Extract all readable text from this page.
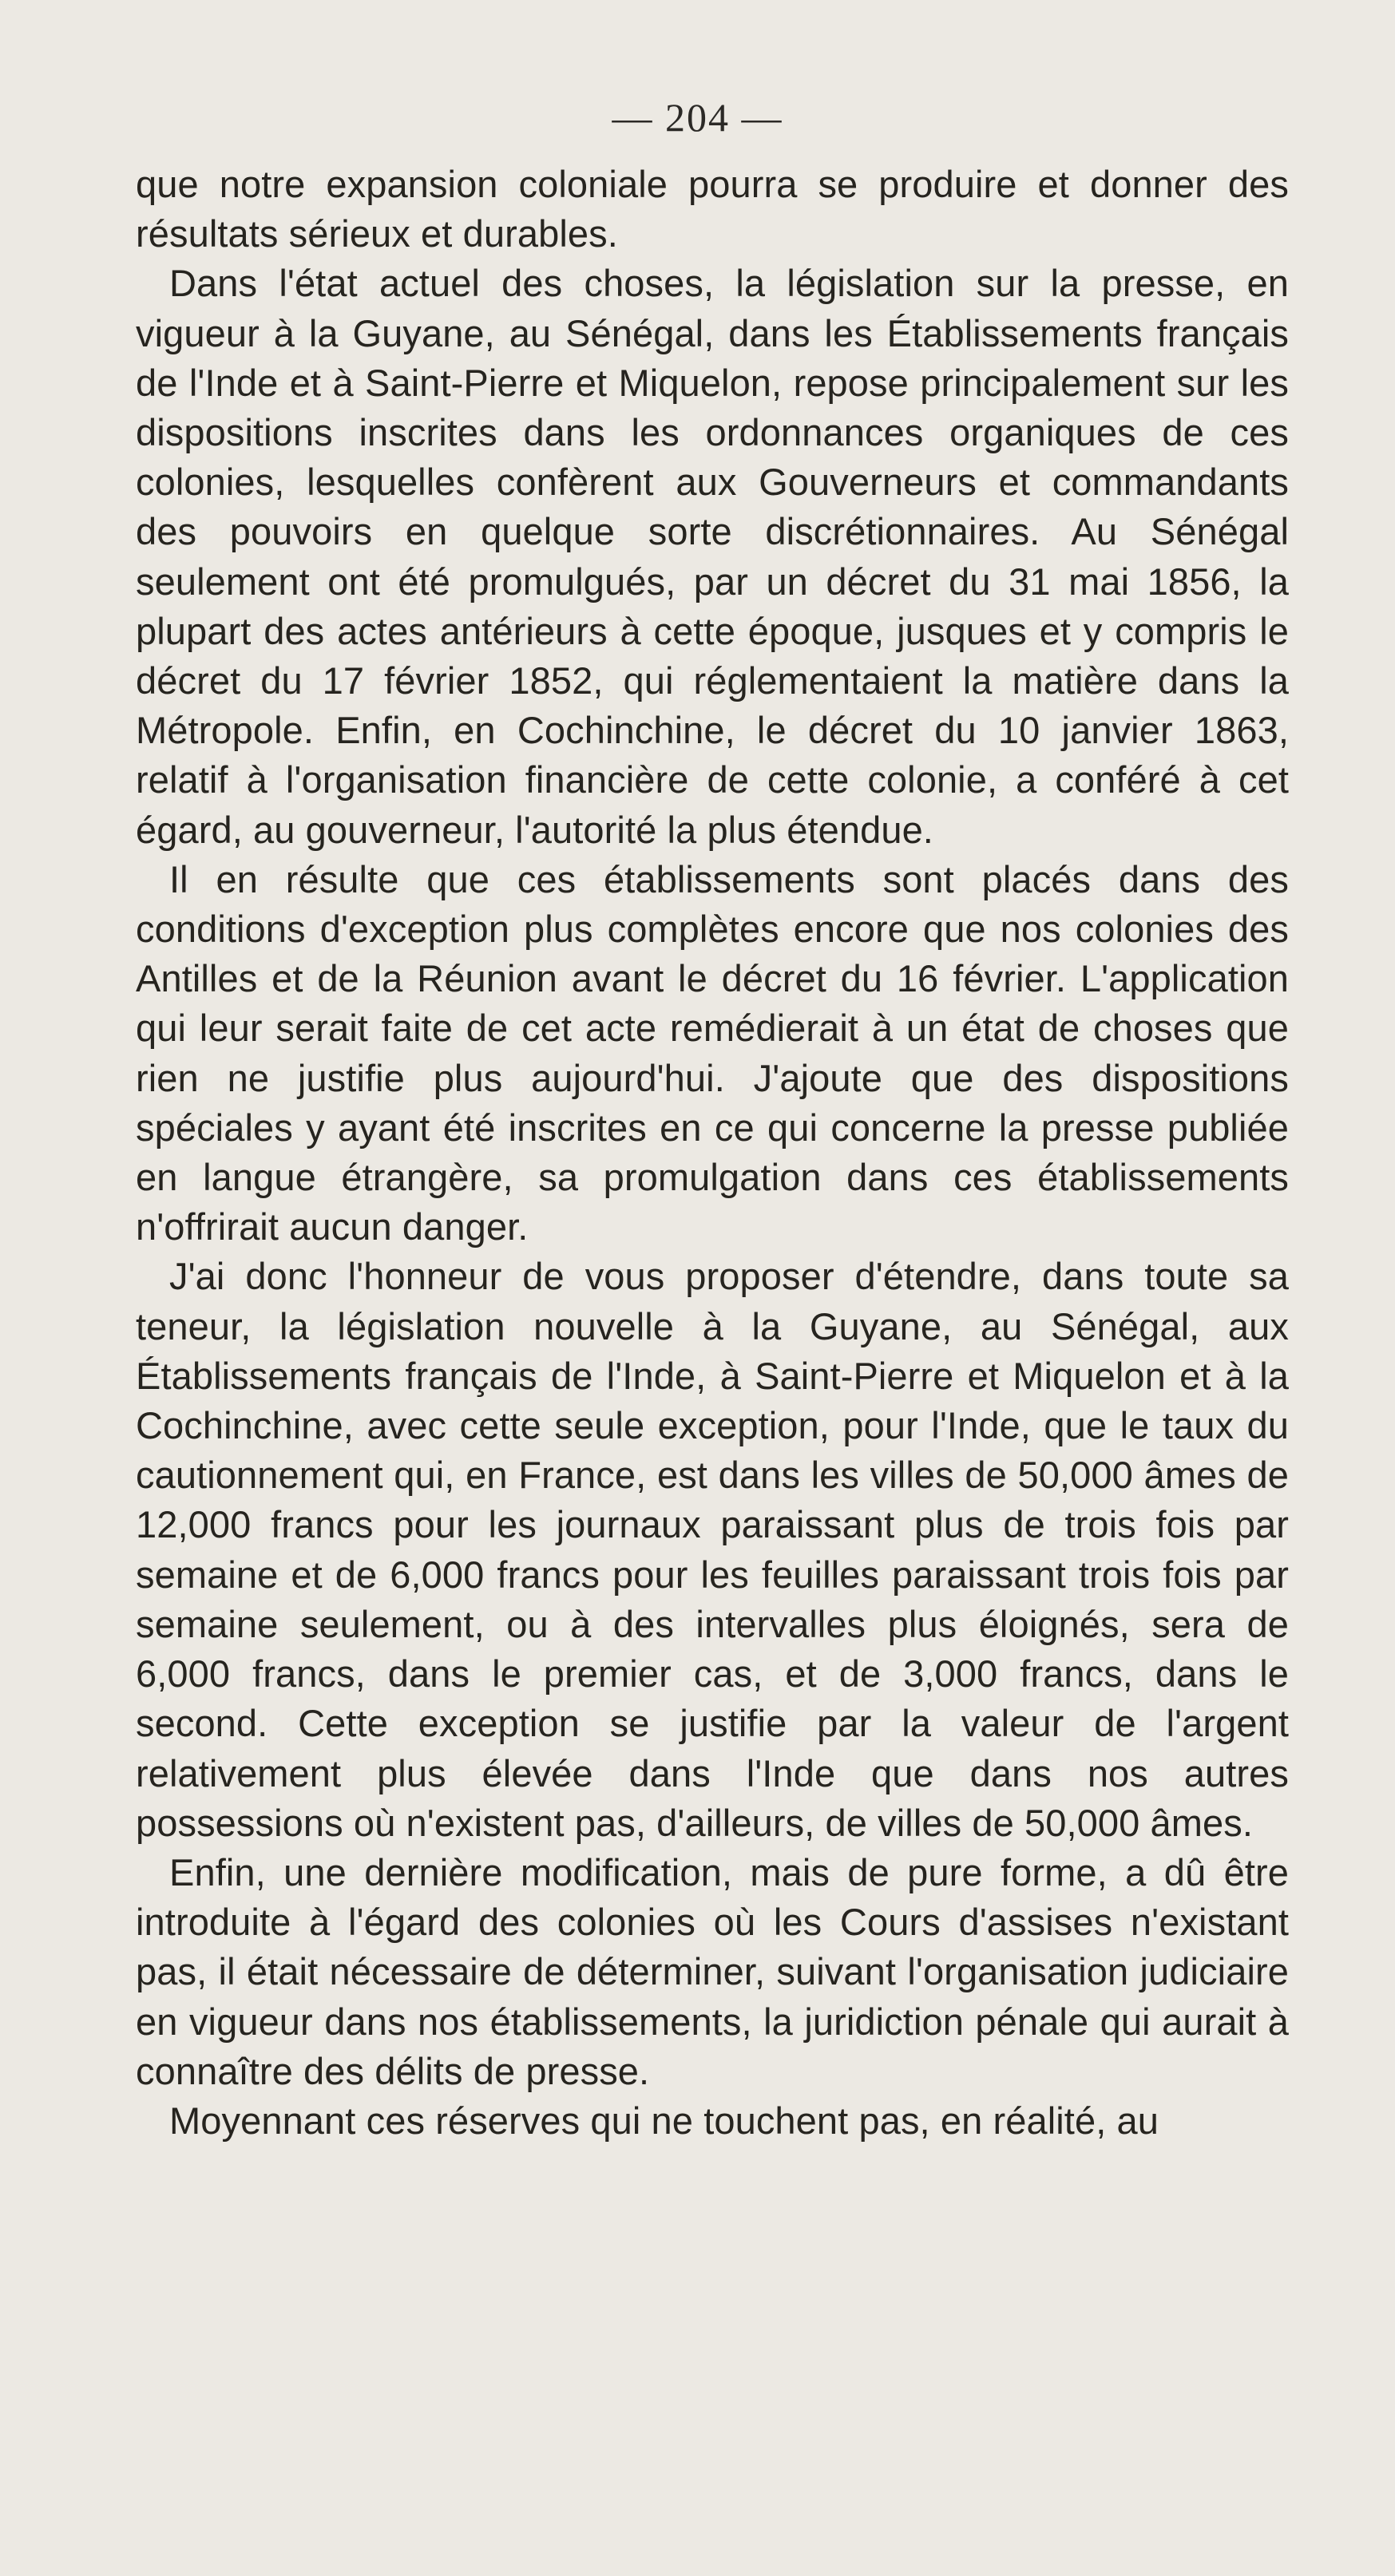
— 204 —

que notre expansion coloniale pourra se produire et donner des résultats sérieux et durables.

Dans l'état actuel des choses, la législation sur la presse, en vigueur à la Guyane, au Sénégal, dans les Établissements français de l'Inde et à Saint-Pierre et Miquelon, repose principalement sur les dispositions inscrites dans les ordonnances organiques de ces colonies, lesquelles confèrent aux Gouverneurs et commandants des pouvoirs en quelque sorte discrétionnaires. Au Sénégal seulement ont été promulgués, par un décret du 31 mai 1856, la plupart des actes antérieurs à cette époque, jusques et y compris le décret du 17 février 1852, qui réglementaient la matière dans la Métropole. Enfin, en Cochinchine, le décret du 10 janvier 1863, relatif à l'organisation financière de cette colonie, a conféré à cet égard, au gouverneur, l'autorité la plus étendue.

Il en résulte que ces établissements sont placés dans des conditions d'exception plus complètes encore que nos colonies des Antilles et de la Réunion avant le décret du 16 février. L'application qui leur serait faite de cet acte remédierait à un état de choses que rien ne justifie plus aujourd'hui. J'ajoute que des dispositions spéciales y ayant été inscrites en ce qui concerne la presse publiée en langue étrangère, sa promulgation dans ces établissements n'offrirait aucun danger.

J'ai donc l'honneur de vous proposer d'étendre, dans toute sa teneur, la législation nouvelle à la Guyane, au Sénégal, aux Établissements français de l'Inde, à Saint-Pierre et Miquelon et à la Cochinchine, avec cette seule exception, pour l'Inde, que le taux du cautionnement qui, en France, est dans les villes de 50,000 âmes de 12,000 francs pour les journaux paraissant plus de trois fois par semaine et de 6,000 francs pour les feuilles paraissant trois fois par semaine seulement, ou à des intervalles plus éloignés, sera de 6,000 francs, dans le premier cas, et de 3,000 francs, dans le second. Cette exception se justifie par la valeur de l'argent relativement plus élevée dans l'Inde que dans nos autres possessions où n'existent pas, d'ailleurs, de villes de 50,000 âmes.

Enfin, une dernière modification, mais de pure forme, a dû être introduite à l'égard des colonies où les Cours d'assises n'existant pas, il était nécessaire de déterminer, suivant l'organisation judiciaire en vigueur dans nos établissements, la juridiction pénale qui aurait à connaître des délits de presse.

Moyennant ces réserves qui ne touchent pas, en réalité, au
